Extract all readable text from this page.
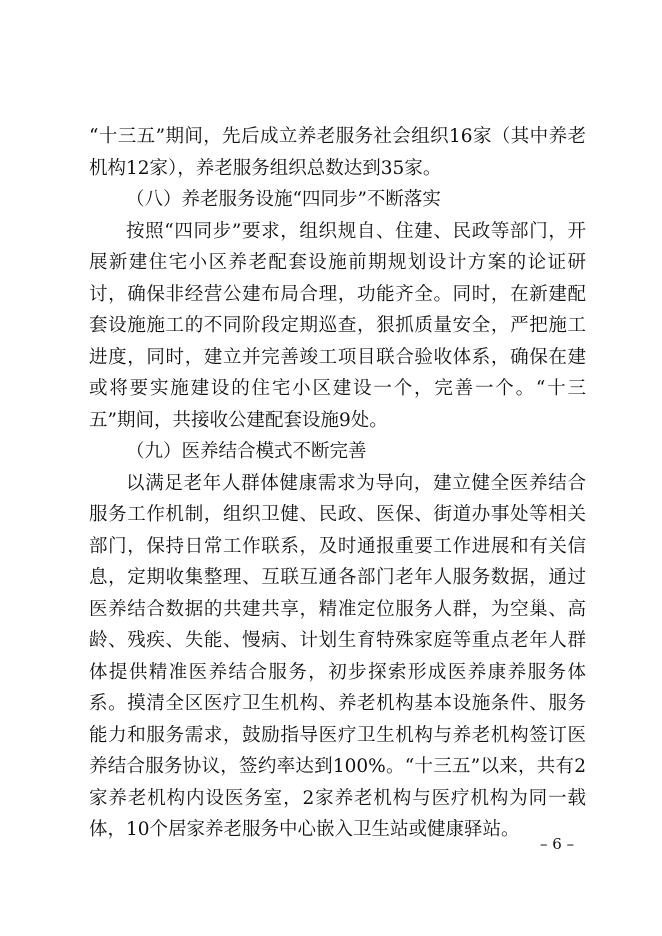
“十三五”期间，先后成立养老服务社会组织16家（其中养老机构12家），养老服务组织总数达到35家。

（八）养老服务设施“四同步”不断落实

按照“四同步”要求，组织规自、住建、民政等部门，开展新建住宅小区养老配套设施前期规划设计方案的论证研讨，确保非经营公建布局合理，功能齐全。同时，在新建配套设施施工的不同阶段定期巡查，狠抓质量安全，严把施工进度，同时，建立并完善竣工项目联合验收体系，确保在建或将要实施建设的住宅小区建设一个，完善一个。“十三五”期间，共接收公建配套设施9处。

（九）医养结合模式不断完善

以满足老年人群体健康需求为导向，建立健全医养结合服务工作机制，组织卫健、民政、医保、街道办事处等相关部门，保持日常工作联系，及时通报重要工作进展和有关信息，定期收集整理、互联互通各部门老年人服务数据，通过医养结合数据的共建共享，精准定位服务人群，为空巢、高龄、残疾、失能、慢病、计划生育特殊家庭等重点老年人群体提供精准医养结合服务，初步探索形成医养康养服务体系。摸清全区医疗卫生机构、养老机构基本设施条件、服务能力和服务需求，鼓励指导医疗卫生机构与养老机构签订医养结合服务协议，签约率达到100%。“十三五”以来，共有2家养老机构内设医务室，2家养老机构与医疗机构为同一载体，10个居家养老服务中心嵌入卫生站或健康驿站。

– 6 –
